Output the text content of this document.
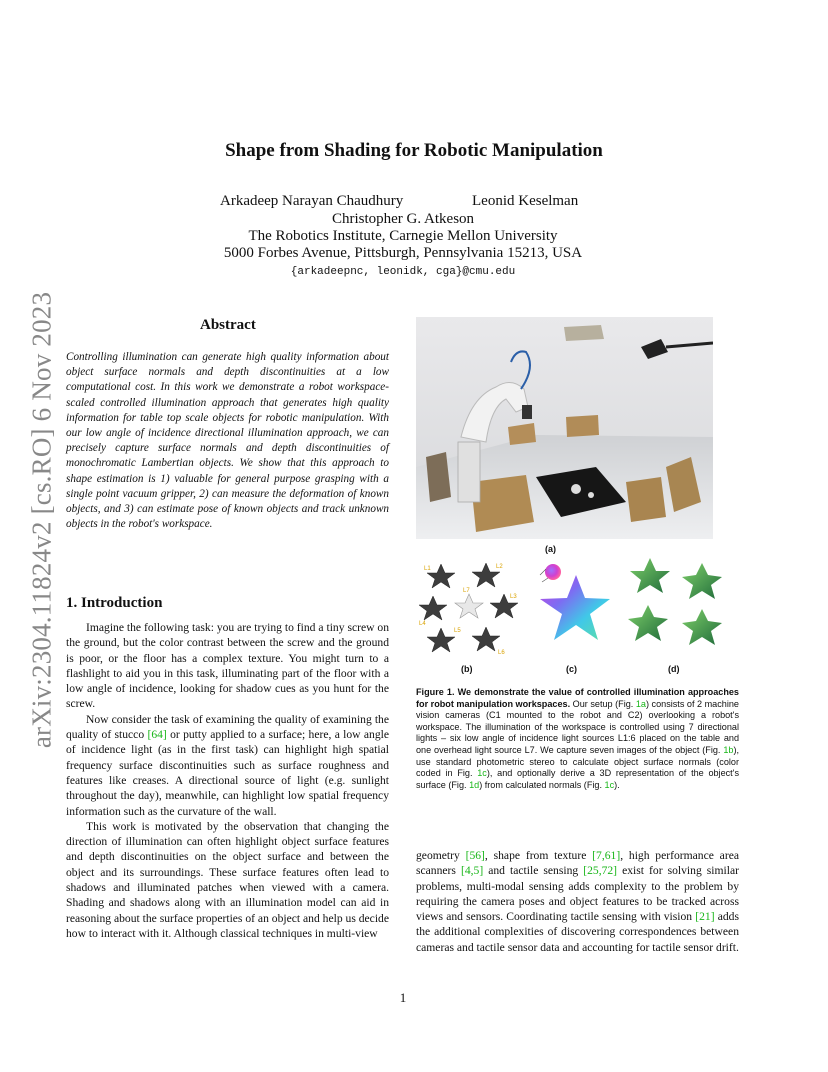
arXiv:2304.11824v2 [cs.RO] 6 Nov 2023
Shape from Shading for Robotic Manipulation
Arkadeep Narayan Chaudhury	Leonid Keselman
Christopher G. Atkeson
The Robotics Institute, Carnegie Mellon University
5000 Forbes Avenue, Pittsburgh, Pennsylvania 15213, USA
{arkadeepnc, leonidk, cga}@cmu.edu
Abstract
Controlling illumination can generate high quality information about object surface normals and depth discontinuities at a low computational cost. In this work we demonstrate a robot workspace-scaled controlled illumination approach that generates high quality information for table top scale objects for robotic manipulation. With our low angle of incidence directional illumination approach, we can precisely capture surface normals and depth discontinuities of monochromatic Lambertian objects. We show that this approach to shape estimation is 1) valuable for general purpose grasping with a single point vacuum gripper, 2) can measure the deformation of known objects, and 3) can estimate pose of known objects and track unknown objects in the robot's workspace.
1. Introduction

Imagine the following task: you are trying to find a tiny screw on the ground, but the color contrast between the screw and the ground is poor, or the floor has a complex texture. You might turn to a flashlight to aid you in this task, illuminating part of the floor with a low angle of incidence, looking for shadow cues as you hunt for the screw.

Now consider the task of examining the quality of examining the quality of stucco [64] or putty applied to a surface; here, a low angle of incidence light (as in the first task) can highlight high spatial frequency surface discontinuities such as surface roughness and features like creases. A directional source of light (e.g. sunlight throughout the day), meanwhile, can highlight low spatial frequency information such as the curvature of the wall.

This work is motivated by the observation that changing the direction of illumination can often highlight object surface features and depth discontinuities on the object surface and between the object and its surroundings. These surface features often lead to shadows and illuminated patches when viewed with a camera. Shading and shadows along with an illumination model can aid in reasoning about the surface properties of an object and help us decide how to interact with it. Although classical techniques in multi-view

(a)
L1	L2
L3
L4
L5
L6
L7
(b)	(c)	(d)
Figure 1. We demonstrate the value of controlled illumination approaches for robot manipulation workspaces. Our setup (Fig. 1a) consists of 2 machine vision cameras (C1 mounted to the robot and C2) overlooking a robot's workspace. The illumination of the workspace is controlled using 7 directional lights – six low angle of incidence light sources L1:6 placed on the table and one overhead light source L7. We capture seven images of the object (Fig. 1b), use standard photometric stereo to calculate object surface normals (color coded in Fig. 1c), and optionally derive a 3D representation of the object's surface (Fig. 1d) from calculated normals (Fig. 1c).
geometry [56], shape from texture [7,61], high performance area scanners [4,5] and tactile sensing [25,72] exist for solving similar problems, multi-modal sensing adds complexity to the problem by requiring the camera poses and object features to be tracked across views and sensors. Coordinating tactile sensing with vision [21] adds the additional complexities of discovering correspondences between cameras and tactile sensor data and accounting for tactile sensor drift.
1
